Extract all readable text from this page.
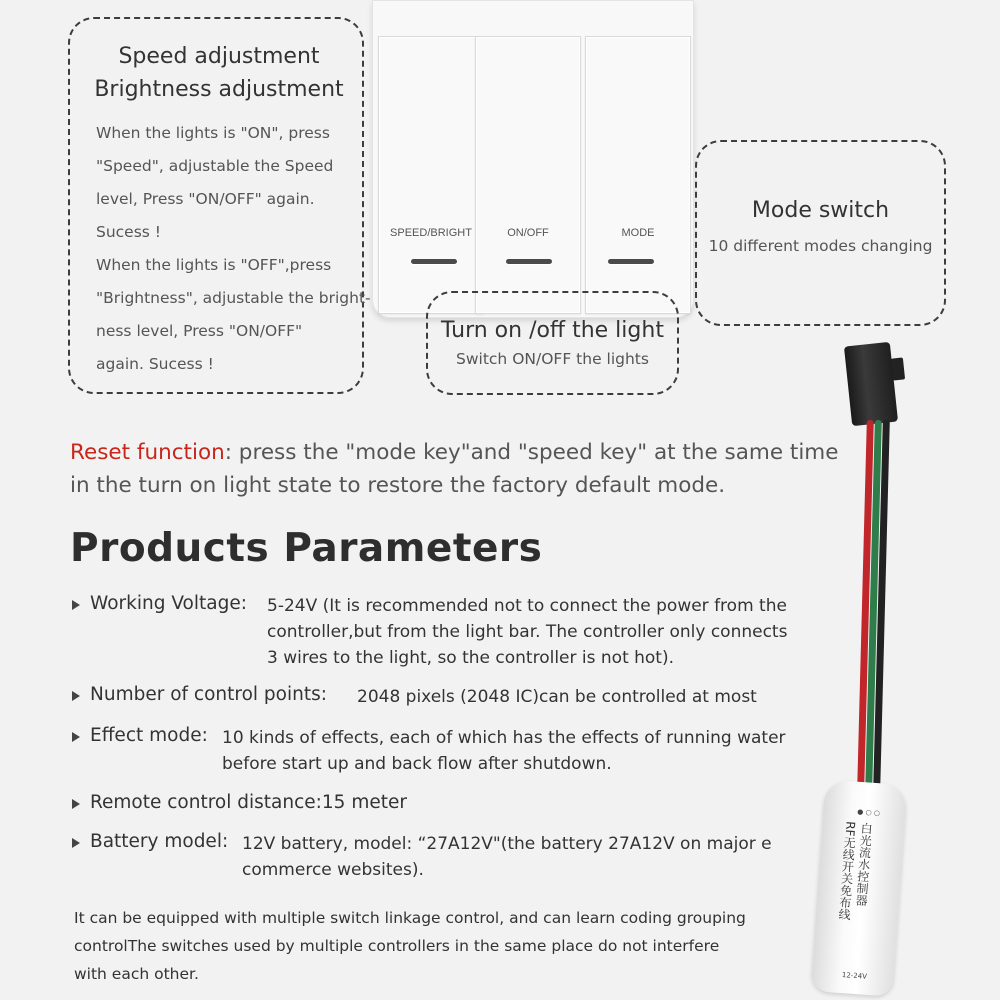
SPEED/BRIGHT	ON/OFF	MODE
Speed adjustment
Brightness adjustment
When the lights is "ON", press
"Speed", adjustable the Speed
level, Press "ON/OFF" again.
Sucess !
When the lights is "OFF",press
"Brightness", adjustable the bright-
ness level, Press "ON/OFF"
again. Sucess !
Mode switch
10 different modes changing
Turn on /off the light
Switch ON/OFF the lights
Reset function: press the "mode key"and "speed key" at the same time
in the turn on light state to restore the factory default mode.
Products Parameters
Working Voltage: 5-24V (It is recommended not to connect the power from the
controller,but from the light bar. The controller only connects
3 wires to the light, so the controller is not hot).
Number of control points: 2048 pixels (2048 IC)can be controlled at most
Effect mode: 10 kinds of effects, each of which has the effects of running water
before start up and back flow after shutdown.
Remote control distance:15 meter
Battery model: 12V battery, model: “27A12V"(the battery 27A12V on major e
commerce websites).
It can be equipped with multiple switch linkage control, and can learn coding grouping
controlThe switches used by multiple controllers in the same place do not interfere
with each other.
● ○ ○
白光流水控制器
RF无线开关免布线
12-24V
